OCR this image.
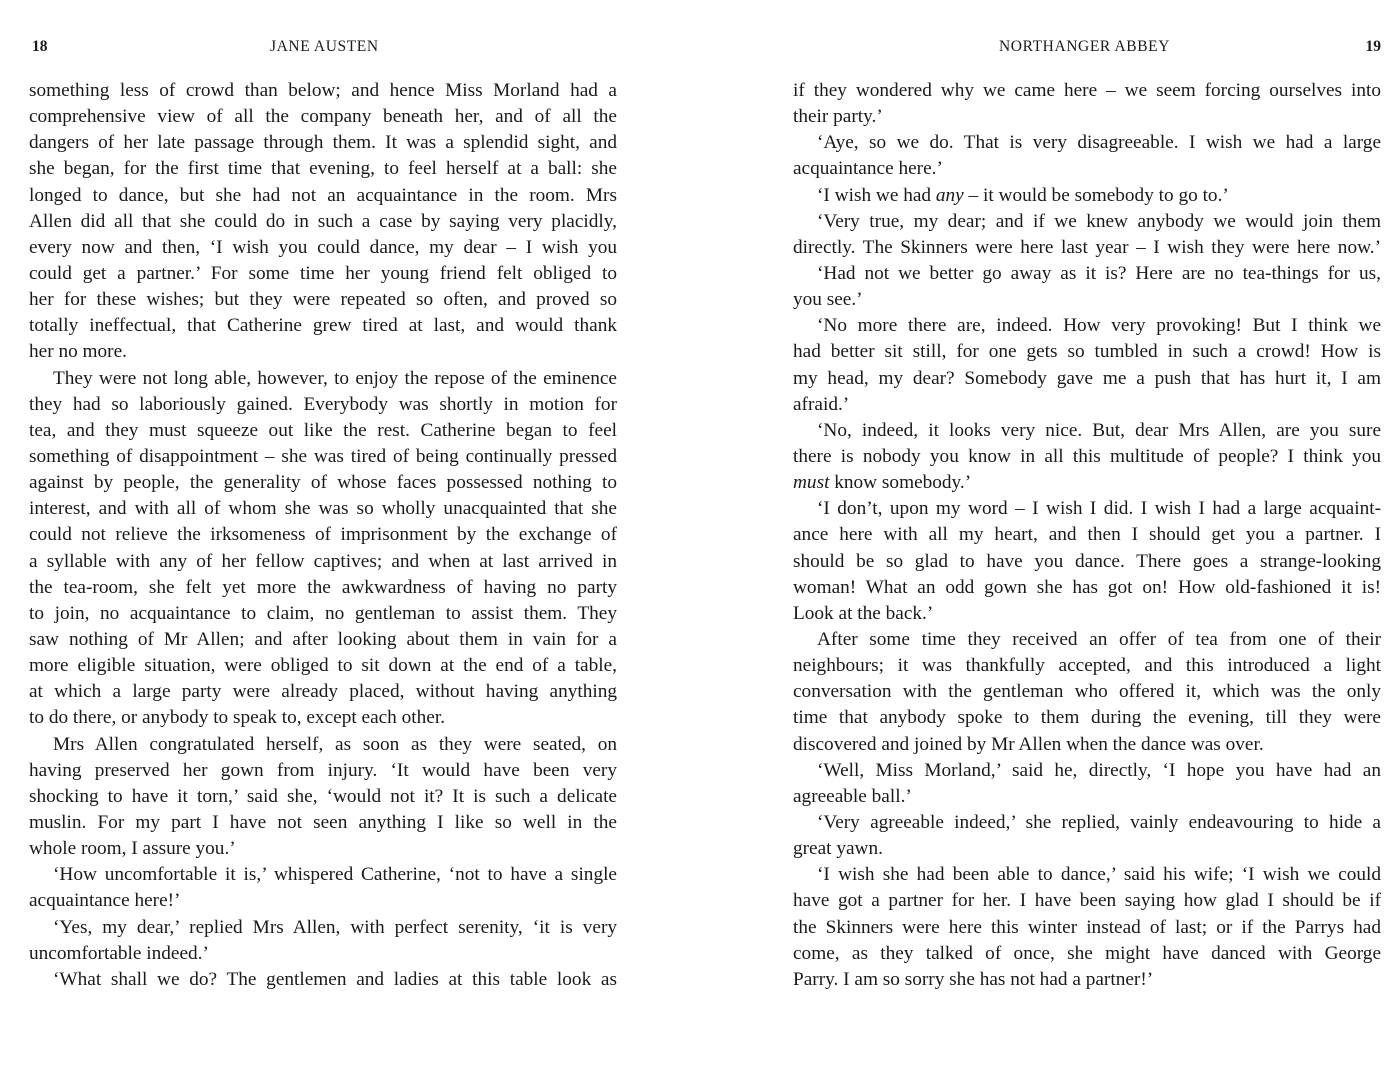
18	JANE AUSTEN
something less of crowd than below; and hence Miss Morland had a
comprehensive view of all the company beneath her, and of all the
dangers of her late passage through them. It was a splendid sight, and
she began, for the first time that evening, to feel herself at a ball: she
longed to dance, but she had not an acquaintance in the room. Mrs
Allen did all that she could do in such a case by saying very placidly,
every now and then, ‘I wish you could dance, my dear – I wish you
could get a partner.’ For some time her young friend felt obliged to
her for these wishes; but they were repeated so often, and proved so
totally ineffectual, that Catherine grew tired at last, and would thank
her no more.
They were not long able, however, to enjoy the repose of the eminence
they had so laboriously gained. Everybody was shortly in motion for
tea, and they must squeeze out like the rest. Catherine began to feel
something of disappointment – she was tired of being continually pressed
against by people, the generality of whose faces possessed nothing to
interest, and with all of whom she was so wholly unacquainted that she
could not relieve the irksomeness of imprisonment by the exchange of
a syllable with any of her fellow captives; and when at last arrived in
the tea-room, she felt yet more the awkwardness of having no party
to join, no acquaintance to claim, no gentleman to assist them. They
saw nothing of Mr Allen; and after looking about them in vain for a
more eligible situation, were obliged to sit down at the end of a table,
at which a large party were already placed, without having anything
to do there, or anybody to speak to, except each other.
Mrs Allen congratulated herself, as soon as they were seated, on
having preserved her gown from injury. ‘It would have been very
shocking to have it torn,’ said she, ‘would not it? It is such a delicate
muslin. For my part I have not seen anything I like so well in the
whole room, I assure you.’
‘How uncomfortable it is,’ whispered Catherine, ‘not to have a single
acquaintance here!’
‘Yes, my dear,’ replied Mrs Allen, with perfect serenity, ‘it is very
uncomfortable indeed.’
‘What shall we do? The gentlemen and ladies at this table look as
NORTHANGER ABBEY	19
if they wondered why we came here – we seem forcing ourselves into
their party.’
‘Aye, so we do. That is very disagreeable. I wish we had a large
acquaintance here.’
‘I wish we had any – it would be somebody to go to.’
‘Very true, my dear; and if we knew anybody we would join them
directly. The Skinners were here last year – I wish they were here now.’
‘Had not we better go away as it is? Here are no tea-things for us,
you see.’
‘No more there are, indeed. How very provoking! But I think we
had better sit still, for one gets so tumbled in such a crowd! How is
my head, my dear? Somebody gave me a push that has hurt it, I am
afraid.’
‘No, indeed, it looks very nice. But, dear Mrs Allen, are you sure
there is nobody you know in all this multitude of people? I think you
must know somebody.’
‘I don’t, upon my word – I wish I did. I wish I had a large acquaint-
ance here with all my heart, and then I should get you a partner. I
should be so glad to have you dance. There goes a strange-looking
woman! What an odd gown she has got on! How old-fashioned it is!
Look at the back.’
After some time they received an offer of tea from one of their
neighbours; it was thankfully accepted, and this introduced a light
conversation with the gentleman who offered it, which was the only
time that anybody spoke to them during the evening, till they were
discovered and joined by Mr Allen when the dance was over.
‘Well, Miss Morland,’ said he, directly, ‘I hope you have had an
agreeable ball.’
‘Very agreeable indeed,’ she replied, vainly endeavouring to hide a
great yawn.
‘I wish she had been able to dance,’ said his wife; ‘I wish we could
have got a partner for her. I have been saying how glad I should be if
the Skinners were here this winter instead of last; or if the Parrys had
come, as they talked of once, she might have danced with George
Parry. I am so sorry she has not had a partner!’
